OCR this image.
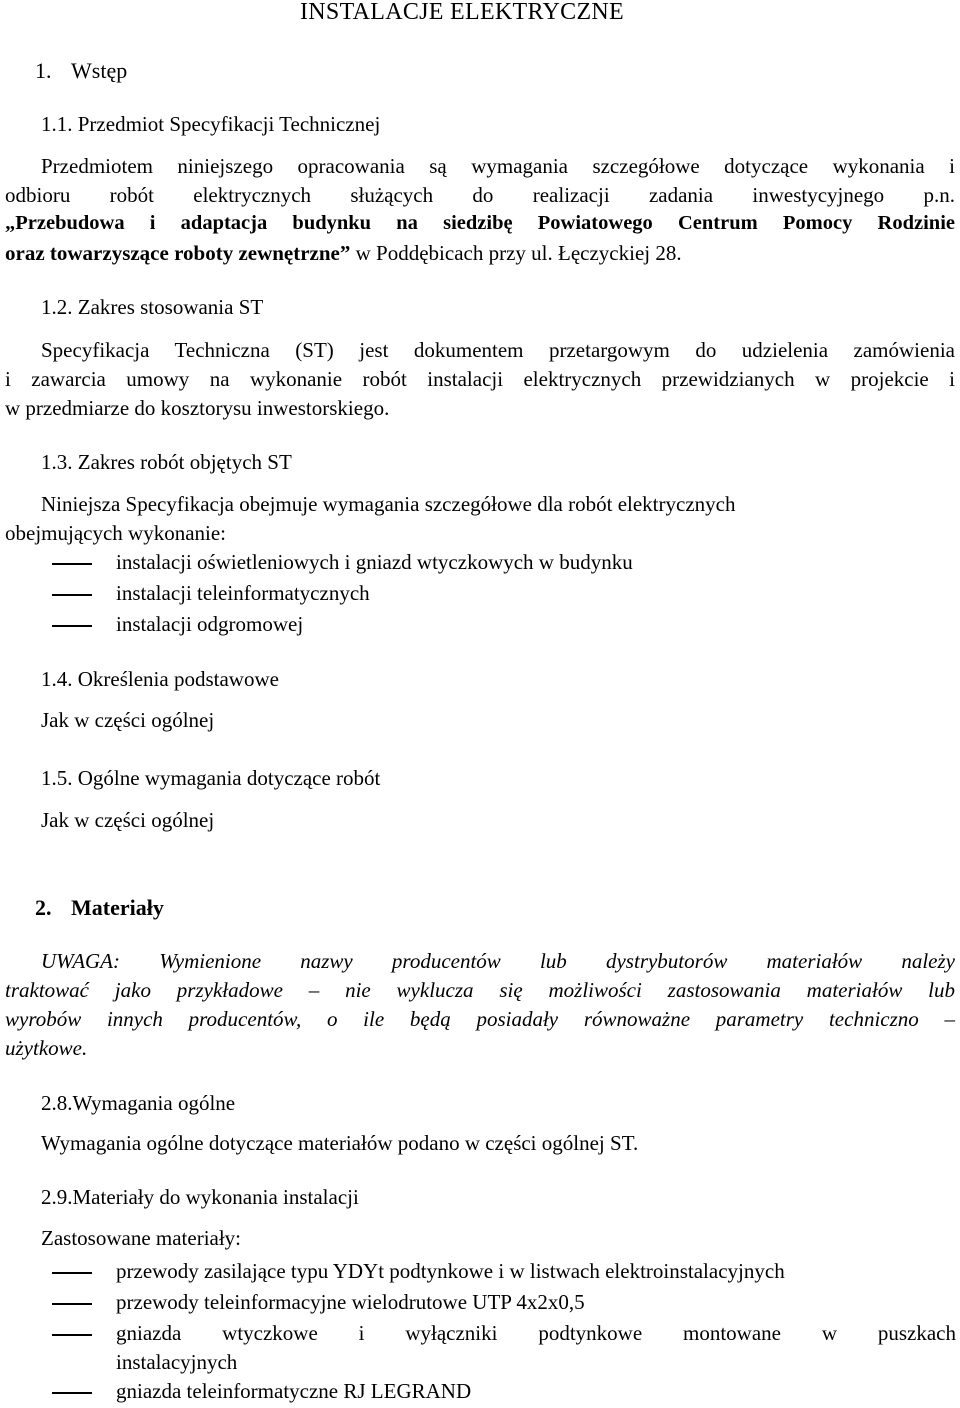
INSTALACJE ELEKTRYCZNE
1. Wstęp
1.1. Przedmiot Specyfikacji Technicznej
Przedmiotem niniejszego opracowania są wymagania szczegółowe dotyczące wykonania i
odbioru robót elektrycznych służących do realizacji zadania inwestycyjnego p.n.
„Przebudowa i adaptacja budynku na siedzibę Powiatowego Centrum Pomocy Rodzinie
oraz towarzyszące roboty zewnętrzne” w Poddębicach przy ul. Łęczyckiej 28.
1.2. Zakres stosowania ST
Specyfikacja Techniczna (ST) jest dokumentem przetargowym do udzielenia zamówienia
i zawarcia umowy na wykonanie robót instalacji elektrycznych przewidzianych w projekcie i
w przedmiarze do kosztorysu inwestorskiego.
1.3. Zakres robót objętych ST
Niniejsza Specyfikacja obejmuje wymagania szczegółowe dla robót elektrycznych
obejmujących wykonanie:
instalacji oświetleniowych i gniazd wtyczkowych w budynku
instalacji teleinformatycznych
instalacji odgromowej
1.4. Określenia podstawowe
Jak w części ogólnej
1.5. Ogólne wymagania dotyczące robót
Jak w części ogólnej
2. Materiały
UWAGA: Wymienione nazwy producentów lub dystrybutorów materiałów należy
traktować jako przykładowe – nie wyklucza się możliwości zastosowania materiałów lub
wyrobów innych producentów, o ile będą posiadały równoważne parametry techniczno –
użytkowe.
2.8.Wymagania ogólne
Wymagania ogólne dotyczące materiałów podano w części ogólnej ST.
2.9.Materiały do wykonania instalacji
Zastosowane materiały:
przewody zasilające typu YDYt podtynkowe i w listwach elektroinstalacyjnych
przewody teleinformacyjne wielodrutowe UTP 4x2x0,5
gniazda wtyczkowe i wyłączniki podtynkowe montowane w puszkach
instalacyjnych
gniazda teleinformatyczne RJ LEGRAND
